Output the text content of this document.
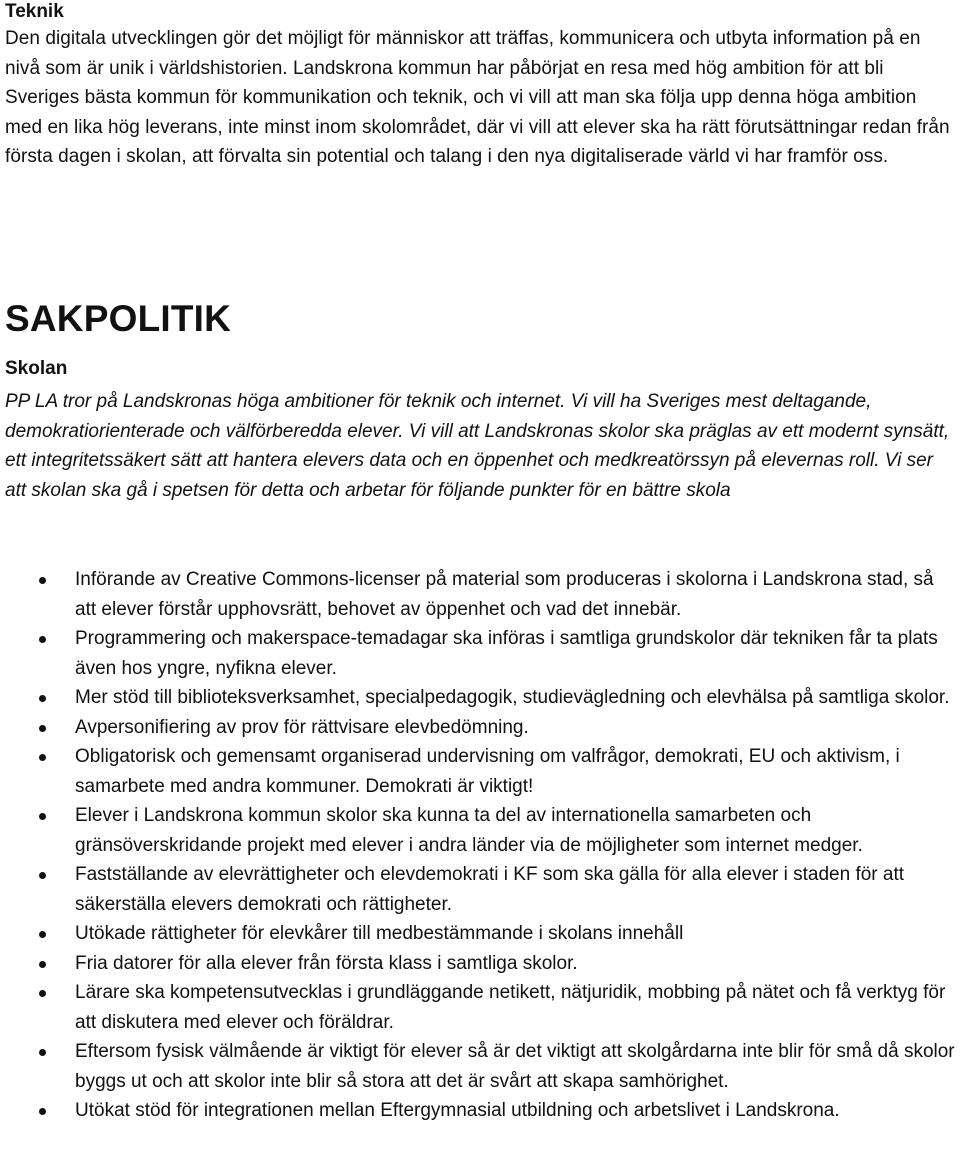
Teknik

Den digitala utvecklingen gör det möjligt för människor att träffas, kommunicera och utbyta information på en nivå som är unik i världshistorien. Landskrona kommun har påbörjat en resa med hög ambition för att bli Sveriges bästa kommun för kommunikation och teknik, och vi vill att man ska följa upp denna höga ambition med en lika hög leverans, inte minst inom skolområdet, där vi vill att elever ska ha rätt förutsättningar redan från första dagen i skolan, att förvalta sin potential och talang i den nya digitaliserade värld vi har framför oss.

SAKPOLITIK

Skolan

PP LA tror på Landskronas höga ambitioner för teknik och internet. Vi vill ha Sveriges mest deltagande, demokratiorienterade och välförberedda elever. Vi vill att Landskronas skolor ska präglas av ett modernt synsätt, ett integritetssäkert sätt att hantera elevers data och en öppenhet och medkreatörssyn på elevernas roll. Vi ser att skolan ska gå i spetsen för detta och arbetar för följande punkter för en bättre skola

Införande av Creative Commons-licenser på material som produceras i skolorna i Landskrona stad, så att elever förstår upphovsrätt, behovet av öppenhet och vad det innebär.
Programmering och makerspace-temadagar ska införas i samtliga grundskolor där tekniken får ta plats även hos yngre, nyfikna elever.
Mer stöd till biblioteksverksamhet, specialpedagogik, studievägledning och elevhälsa på samtliga skolor.
Avpersonifiering av prov för rättvisare elevbedömning.
Obligatorisk och gemensamt organiserad undervisning om valfrågor, demokrati, EU och aktivism, i samarbete med andra kommuner. Demokrati är viktigt!
Elever i Landskrona kommun skolor ska kunna ta del av internationella samarbeten och gränsöverskridande projekt med elever i andra länder via de möjligheter som internet medger.
Fastställande av elevrättigheter och elevdemokrati i KF som ska gälla för alla elever i staden för att säkerställa elevers demokrati och rättigheter.
Utökade rättigheter för elevkårer till medbestämmande i skolans innehåll
Fria datorer för alla elever från första klass i samtliga skolor.
Lärare ska kompetensutvecklas i grundläggande netikett, nätjuridik, mobbing på nätet och få verktyg för att diskutera med elever och föräldrar.
Eftersom fysisk välmående är viktigt för elever så är det viktigt att skolgårdarna inte blir för små då skolor byggs ut och att skolor inte blir så stora att det är svårt att skapa samhörighet.
Utökat stöd för integrationen mellan Eftergymnasial utbildning och arbetslivet i Landskrona.
